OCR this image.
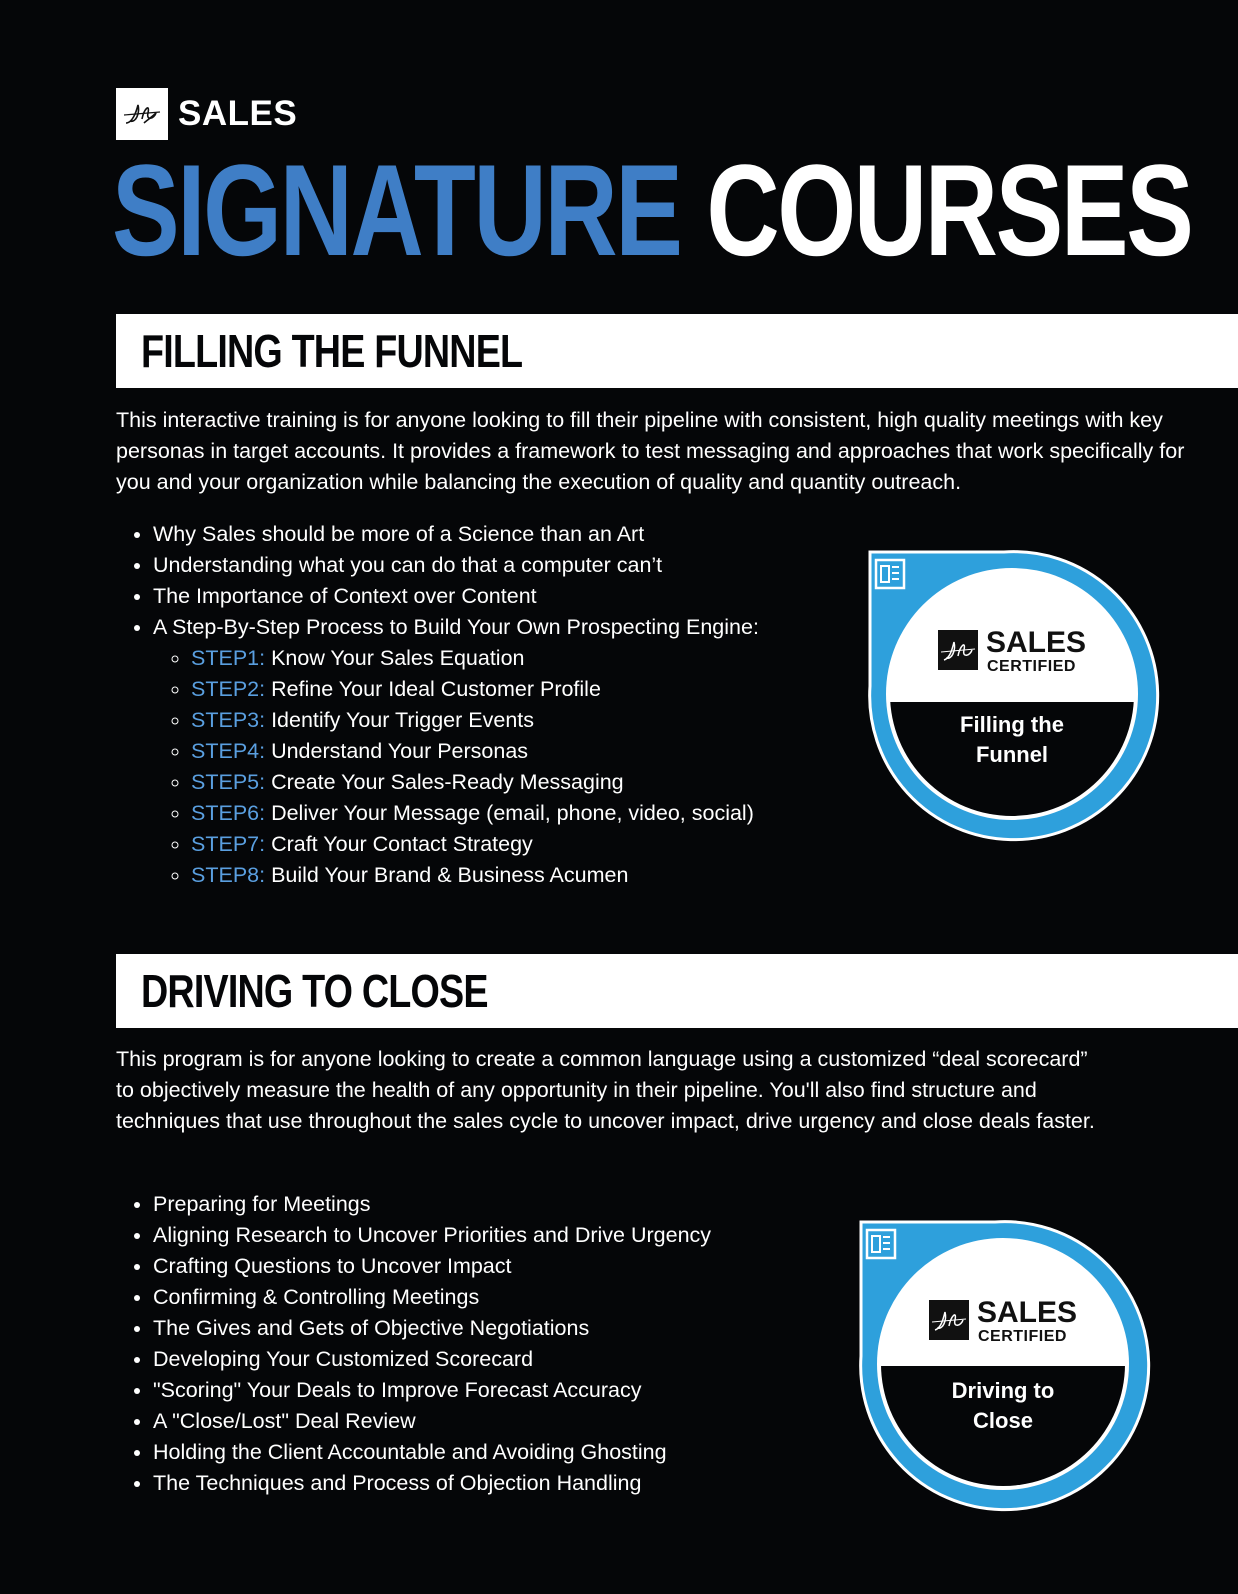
SALES
SIGNATURE COURSES
FILLING THE FUNNEL

This interactive training is for anyone looking to fill their pipeline with consistent, high quality meetings with key personas in target accounts. It provides a framework to test messaging and approaches that work specifically for you and your organization while balancing the execution of quality and quantity outreach.

• Why Sales should be more of a Science than an Art
• Understanding what you can do that a computer can’t
• The Importance of Context over Content
• A Step-By-Step Process to Build Your Own Prospecting Engine:
◦ STEP1: Know Your Sales Equation
◦ STEP2: Refine Your Ideal Customer Profile
◦ STEP3: Identify Your Trigger Events
◦ STEP4: Understand Your Personas
◦ STEP5: Create Your Sales-Ready Messaging
◦ STEP6: Deliver Your Message (email, phone, video, social)
◦ STEP7: Craft Your Contact Strategy
◦ STEP8: Build Your Brand & Business Acumen
SALES
CERTIFIED
Filling the
Funnel
DRIVING TO CLOSE

This program is for anyone looking to create a common language using a customized “deal scorecard” to objectively measure the health of any opportunity in their pipeline. You'll also find structure and techniques that use throughout the sales cycle to uncover impact, drive urgency and close deals faster.

• Preparing for Meetings
• Aligning Research to Uncover Priorities and Drive Urgency
• Crafting Questions to Uncover Impact
• Confirming & Controlling Meetings
• The Gives and Gets of Objective Negotiations
• Developing Your Customized Scorecard
• "Scoring" Your Deals to Improve Forecast Accuracy
• A "Close/Lost" Deal Review
• Holding the Client Accountable and Avoiding Ghosting
• The Techniques and Process of Objection Handling
SALES
CERTIFIED
Driving to
Close
